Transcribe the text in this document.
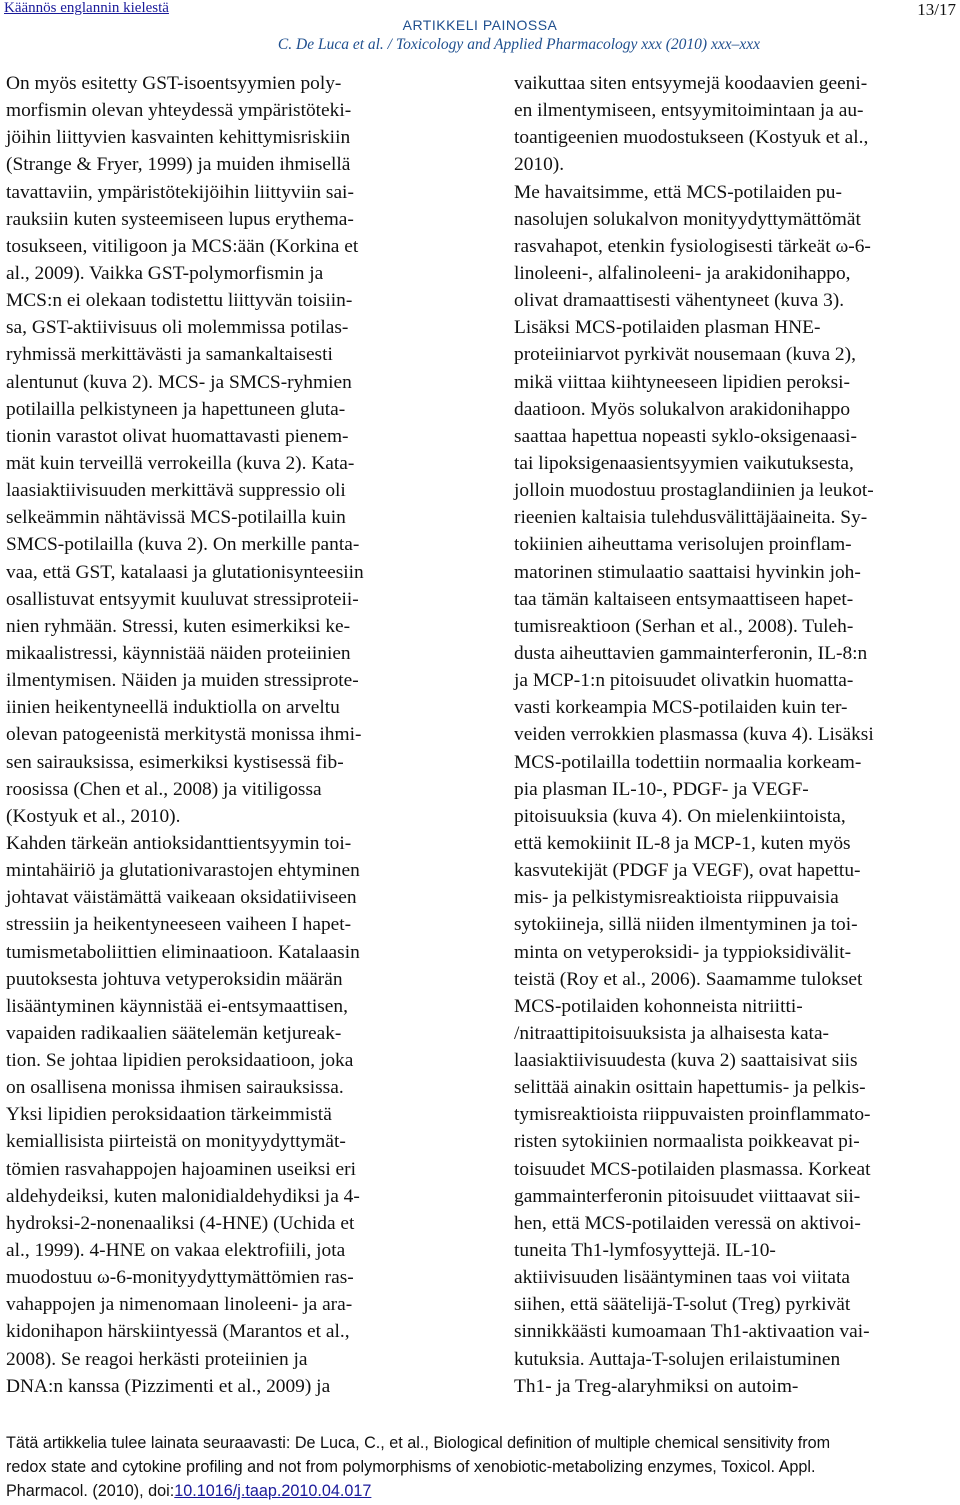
Käännös englannin kielestä	13/17
ARTIKKELI PAINOSSA
C. De Luca et al. / Toxicology and Applied Pharmacology xxx (2010) xxx–xxx
On myös esitetty GST-isoentsyymien poly-
morfismin olevan yhteydessä ympäristöteki-
jöihin liittyvien kasvainten kehittymisriskiin
(Strange & Fryer, 1999) ja muiden ihmisellä
tavattaviin, ympäristötekijöihin liittyviin sai-
rauksiin kuten systeemiseen lupus erythema-
tosukseen, vitiligoon ja MCS:ään (Korkina et
al., 2009). Vaikka GST-polymorfismin ja
MCS:n ei olekaan todistettu liittyvän toisiin-
sa, GST-aktiivisuus oli molemmissa potilas-
ryhmissä merkittävästi ja samankaltaisesti
alentunut (kuva 2). MCS- ja SMCS-ryhmien
potilailla pelkistyneen ja hapettuneen gluta-
tionin varastot olivat huomattavasti pienem-
mät kuin terveillä verrokeilla (kuva 2). Kata-
laasiaktiivisuuden merkittävä suppressio oli
selkeämmin nähtävissä MCS-potilailla kuin
SMCS-potilailla (kuva 2). On merkille panta-
vaa, että GST, katalaasi ja glutationisynteesiin
osallistuvat entsyymit kuuluvat stressiproteii-
nien ryhmään. Stressi, kuten esimerkiksi ke-
mikaalistressi, käynnistää näiden proteiinien
ilmentymisen. Näiden ja muiden stressiprote-
iinien heikentyneellä induktiolla on arveltu
olevan patogeenistä merkitystä monissa ihmi-
sen sairauksissa, esimerkiksi kystisessä fib-
roosissa (Chen et al., 2008) ja vitiligossa
(Kostyuk et al., 2010).
Kahden tärkeän antioksidanttientsyymin toi-
mintahäiriö ja glutationivarastojen ehtyminen
johtavat väistämättä vaikeaan oksidatiiviseen
stressiin ja heikentyneeseen vaiheen I hapet-
tumismetaboliittien eliminaatioon. Katalaasin
puutoksesta johtuva vetyperoksidin määrän
lisääntyminen käynnistää ei-entsymaattisen,
vapaiden radikaalien säätelemän ketjureak-
tion. Se johtaa lipidien peroksidaatioon, joka
on osallisena monissa ihmisen sairauksissa.
Yksi lipidien peroksidaation tärkeimmistä
kemiallisista piirteistä on monityydyttymät-
tömien rasvahappojen hajoaminen useiksi eri
aldehydeiksi, kuten malonidialdehydiksi ja 4-
hydroksi-2-nonenaaliksi (4-HNE) (Uchida et
al., 1999). 4-HNE on vakaa elektrofiili, jota
muodostuu ω-6-monityydyttymättömien ras-
vahappojen ja nimenomaan linoleeni- ja ara-
kidonihapon härskiintyessä (Marantos et al.,
2008). Se reagoi herkästi proteiinien ja
DNA:n kanssa (Pizzimenti et al., 2009) ja
vaikuttaa siten entsyymejä koodaavien geeni-
en ilmentymiseen, entsyymitoimintaan ja au-
toantigeenien muodostukseen (Kostyuk et al.,
2010).
Me havaitsimme, että MCS-potilaiden pu-
nasolujen solukalvon monityydyttymättömät
rasvahapot, etenkin fysiologisesti tärkeät ω-6-
linoleeni-, alfalinoleeni- ja arakidonihappo,
olivat dramaattisesti vähentyneet (kuva 3).
Lisäksi MCS-potilaiden plasman HNE-
proteiiniarvot pyrkivät nousemaan (kuva 2),
mikä viittaa kiihtyneeseen lipidien peroksi-
daatioon. Myös solukalvon arakidonihappo
saattaa hapettua nopeasti syklo-oksigenaasi-
tai lipoksigenaasientsyymien vaikutuksesta,
jolloin muodostuu prostaglandiinien ja leukot-
rieenien kaltaisia tulehdusvälittäjäaineita. Sy-
tokiinien aiheuttama verisolujen proinflam-
matorinen stimulaatio saattaisi hyvinkin joh-
taa tämän kaltaiseen entsymaattiseen hapet-
tumisreaktioon (Serhan et al., 2008). Tuleh-
dusta aiheuttavien gammainterferonin, IL-8:n
ja MCP-1:n pitoisuudet olivatkin huomatta-
vasti korkeampia MCS-potilaiden kuin ter-
veiden verrokkien plasmassa (kuva 4). Lisäksi
MCS-potilailla todettiin normaalia korkeam-
pia plasman IL-10-, PDGF- ja VEGF-
pitoisuuksia (kuva 4). On mielenkiintoista,
että kemokiinit IL-8 ja MCP-1, kuten myös
kasvutekijät (PDGF ja VEGF), ovat hapettu-
mis- ja pelkistymisreaktioista riippuvaisia
sytokiineja, sillä niiden ilmentyminen ja toi-
minta on vetyperoksidi- ja typpioksidivälit-
teistä (Roy et al., 2006). Saamamme tulokset
MCS-potilaiden kohonneista nitriitti-
/nitraattipitoisuuksista ja alhaisesta kata-
laasiaktiivisuudesta (kuva 2) saattaisivat siis
selittää ainakin osittain hapettumis- ja pelkis-
tymisreaktioista riippuvaisten proinflammato-
risten sytokiinien normaalista poikkeavat pi-
toisuudet MCS-potilaiden plasmassa. Korkeat
gammainterferonin pitoisuudet viittaavat sii-
hen, että MCS-potilaiden veressä on aktivoi-
tuneita Th1-lymfosyyttejä. IL-10-
aktiivisuuden lisääntyminen taas voi viitata
siihen, että säätelijä-T-solut (Treg) pyrkivät
sinnikkäästi kumoamaan Th1-aktivaation vai-
kutuksia. Auttaja-T-solujen erilaistuminen
Th1- ja Treg-alaryhmiksi on autoim-
Tätä artikkelia tulee lainata seuraavasti: De Luca, C., et al., Biological definition of multiple chemical sensitivity from
redox state and cytokine profiling and not from polymorphisms of xenobiotic-metabolizing enzymes, Toxicol. Appl.
Pharmacol. (2010), doi:10.1016/j.taap.2010.04.017
